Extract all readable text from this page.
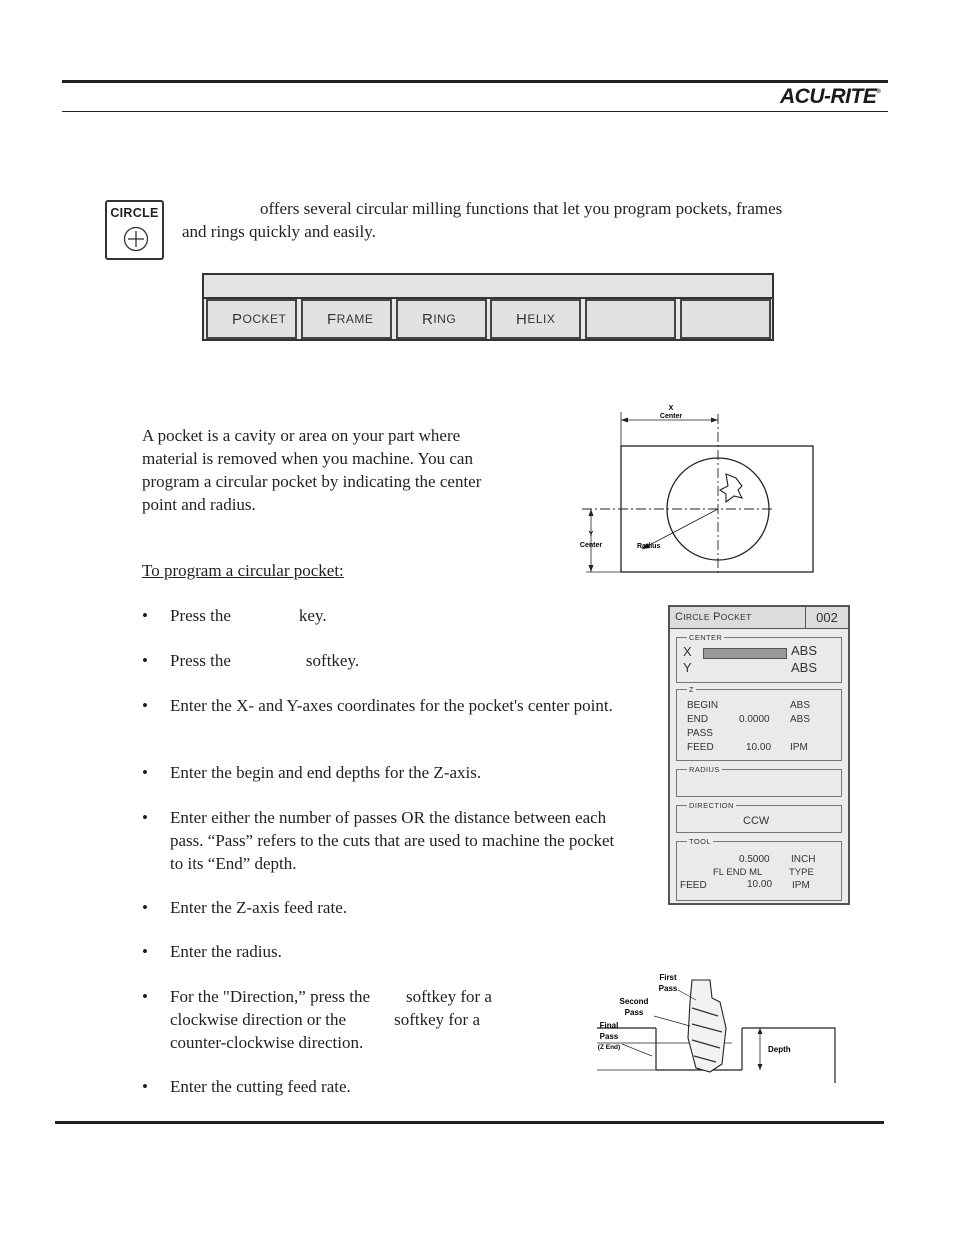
ACU-RITE®
CIRCLE	offers several circular milling functions that let you program pockets, frames
and rings quickly and easily.
P OCKET	F RAME	R ING	H ELIX
A pocket is a cavity or area on your part where
material is removed when you machine. You can
program a circular pocket by indicating the center
point and radius.
To program a circular pocket:
• Press the	key.
• Press the	softkey.
• Enter the X- and Y-axes coordinates for the pocket's center point.
• Enter the begin and end depths for the Z-axis.
• Enter either the number of passes OR the distance between each pass. “Pass” refers to the cuts that are used to machine the pocket to its “End” depth.
• Enter the Z-axis feed rate.
• Enter the radius.
• For the "Direction,” press the softkey for a
clockwise direction or the	softkey for a
counter-clockwise direction.
• Enter the cutting feed rate.
X
Center
Y
Center	Radius
CIRCLE POCKET	002
CENTER
X	ABS
Y	ABS
Z
BEGIN	ABS
END	0.0000 ABS
PASS
FEED	10.00 IPM
RADIUS
DIRECTION
CCW
TOOL
0.5000 INCH
FL END ML	TYPE
FEED	10.00 IPM
First
Pass
Second
Pass
Final
Pass
(Z End)	Depth
